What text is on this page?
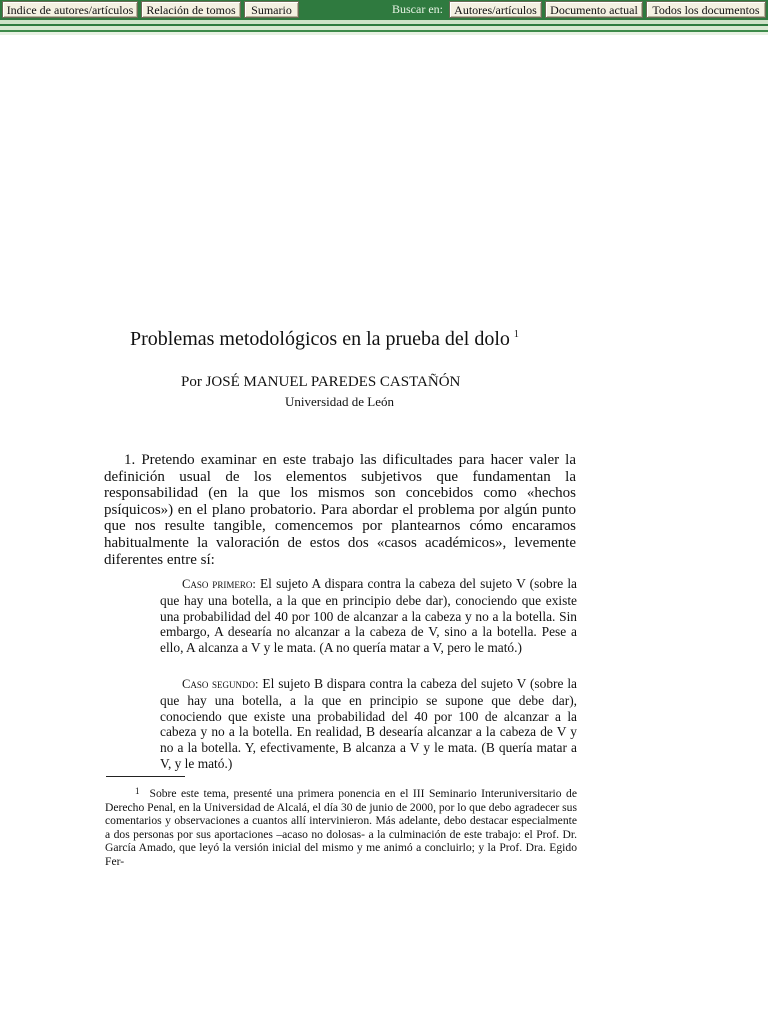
Indice de autores/artículos	Relación de tomos	Sumario	Buscar en: Autores/artículos	Documento actual	Todos los documentos
Problemas metodológicos en la prueba del dolo $^1$
Por JOSÉ MANUEL PAREDES CASTAÑÓN
Universidad de León

1. Pretendo examinar en este trabajo las dificultades para hacer valer la definición usual de los elementos subjetivos que fundamentan la responsabilidad (en la que los mismos son concebidos como «hechos psíquicos») en el plano probatorio. Para abordar el problema por algún punto que nos resulte tangible, comencemos por plantearnos cómo encaramos habitualmente la valoración de estos dos «casos académicos», levemente diferentes entre sí:

Caso primero: El sujeto A dispara contra la cabeza del sujeto V (sobre la que hay una botella, a la que en principio debe dar), conociendo que existe una probabilidad del 40 por 100 de alcanzar a la cabeza y no a la botella. Sin embargo, A desearía no alcanzar a la cabeza de V, sino a la botella. Pese a ello, A alcanza a V y le mata. (A no quería matar a V, pero le mató.)

Caso segundo: El sujeto B dispara contra la cabeza del sujeto V (sobre la que hay una botella, a la que en principio se supone que debe dar), conociendo que existe una probabilidad del 40 por 100 de alcanzar a la cabeza y no a la botella. En realidad, B desearía alcanzar a la cabeza de V y no a la botella. Y, efectivamente, B alcanza a V y le mata. (B quería matar a V, y le mató.)

$^1$ Sobre este tema, presenté una primera ponencia en el III Seminario Interuniversitario de Derecho Penal, en la Universidad de Alcalá, el día 30 de junio de 2000, por lo que debo agradecer sus comentarios y observaciones a cuantos allí intervinieron. Más adelante, debo destacar especialmente a dos personas por sus aportaciones –acaso no dolosas- a la culminación de este trabajo: el Prof. Dr. García Amado, que leyó la versión inicial del mismo y me animó a concluirlo; y la Prof. Dra. Egido Fer-
